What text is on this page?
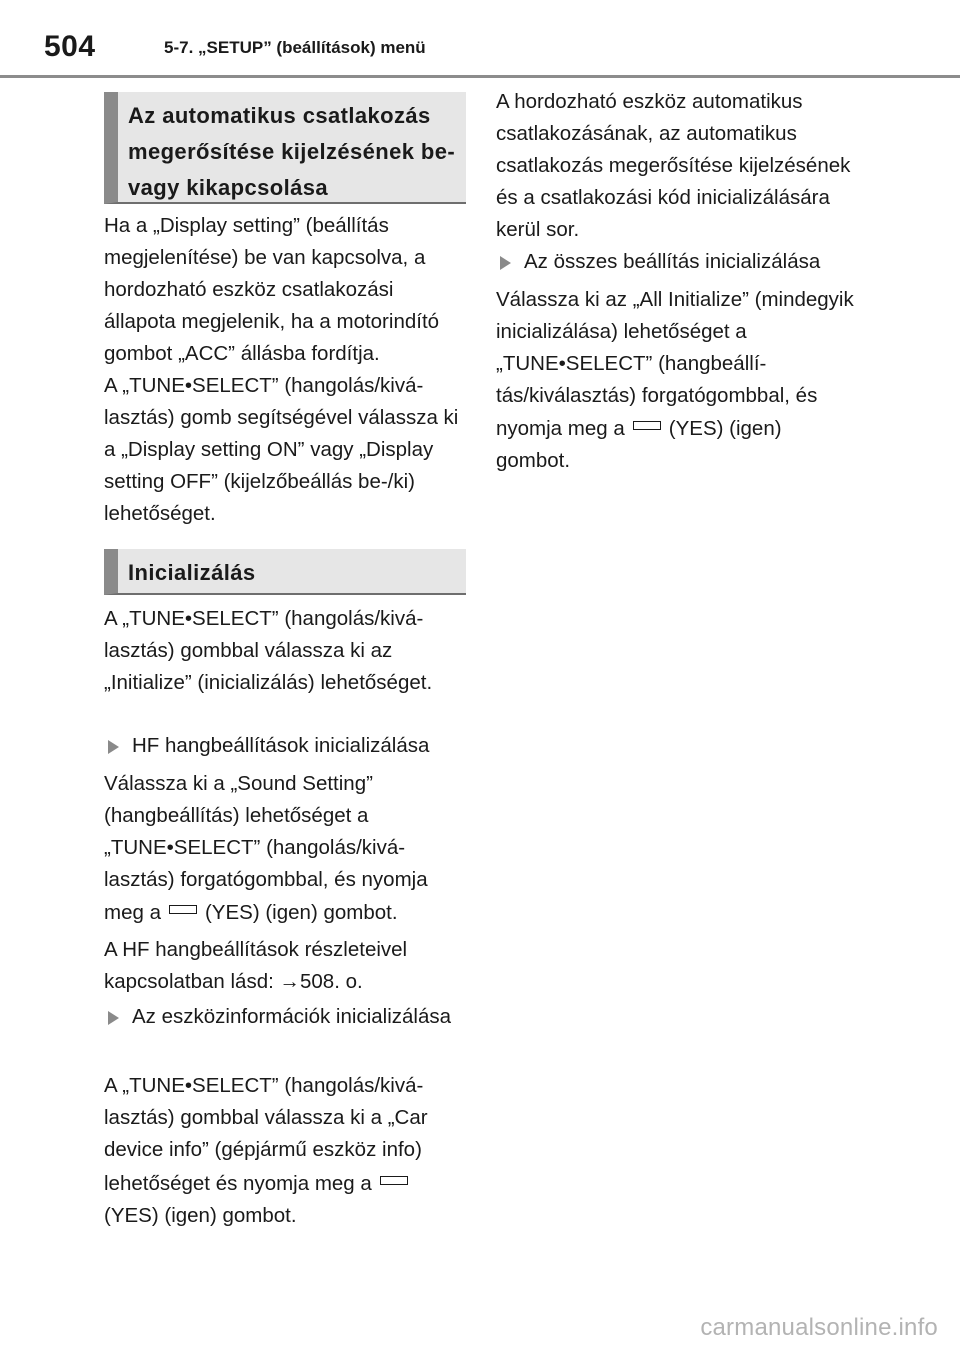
504	5-7. „SETUP” (beállítások) menü
Az automatikus csatlakozás megerősítése kijelzésének be- vagy kikapcsolása

Ha a „Display setting” (beállítás megjelenítése) be van kapcsolva, a hordozható eszköz csatlakozási állapota megjelenik, ha a motorindító gombot „ACC” állásba fordítja.

A „TUNE•SELECT” (hangolás/kiválasztás) gomb segítségével válassza ki a „Display setting ON” vagy „Display setting OFF” (kijelzőbeállás be-/ki) lehetőséget.

Inicializálás

A „TUNE•SELECT” (hangolás/kiválasztás) gombbal válassza ki az „Initialize” (inicializálás) lehetőséget.

HF hangbeállítások inicializálása

Válassza ki a „Sound Setting” (hangbeállítás) lehetőséget a „TUNE•SELECT” (hangolás/kiválasztás) forgatógombbal, és nyomja

meg a (YES) (igen) gombot.

A HF hangbeállítások részleteivel kapcsolatban lásd: →508. o.

Az eszközinformációk inicializálása

A „TUNE•SELECT” (hangolás/kiválasztás) gombbal válassza ki a „Car device info” (gépjármű eszköz info)

lehetőséget és nyomja meg a
(YES) (igen) gombot.

A hordozható eszköz automatikus csatlakozásának, az automatikus csatlakozás megerősítése kijelzésének és a csatlakozási kód inicializálására kerül sor.

Az összes beállítás inicializálása

Válassza ki az „All Initialize” (mindegyik inicializálása) lehetőséget a „TUNE•SELECT” (hangbeállítás/kiválasztás) forgatógombbal, és

nyomja meg a (YES) (igen) gombot.

carmanualsonline.info
